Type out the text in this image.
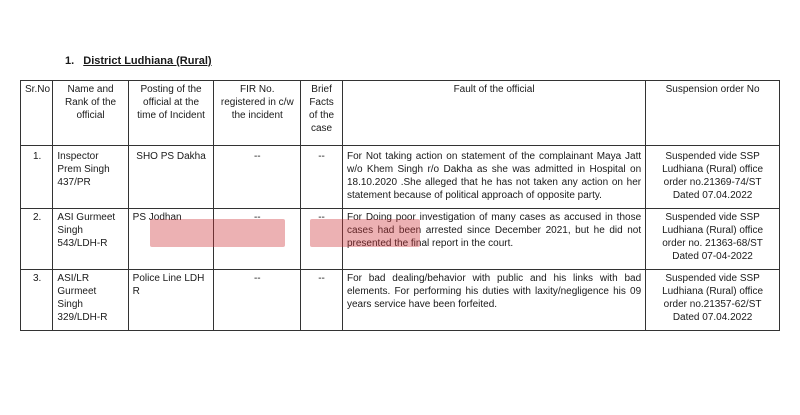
1. District Ludhiana (Rural)
Sr.No	Name and Rank of the official	Posting of the official at the time of Incident	FIR No. registered in c/w the incident	Brief Facts of the case	Fault of the official	Suspension order No
1.	Inspector Prem Singh 437/PR	SHO PS Dakha	--	--	For Not taking action on statement of the complainant Maya Jatt w/o Khem Singh r/o Dakha as she was admitted in Hospital on 18.10.2020 .She alleged that he has not taken any action on her statement because of political approach of opposite party.	Suspended vide SSP Ludhiana (Rural) office order no.21369-74/ST Dated 07.04.2022
2.	ASI Gurmeet Singh 543/LDH-R	PS Jodhan	--	--	For Doing poor investigation of many cases as accused in those cases had been arrested since December 2021, but he did not presented the final report in the court.	Suspended vide SSP Ludhiana (Rural) office order no. 21363-68/ST Dated 07-04-2022
3.	ASI/LR Gurmeet Singh 329/LDH-R	Police Line LDH R	--	--	For bad dealing/behavior with public and his links with bad elements. For performing his duties with laxity/negligence his 09 years service have been forfeited.	Suspended vide SSP Ludhiana (Rural) office order no.21357-62/ST Dated 07.04.2022
